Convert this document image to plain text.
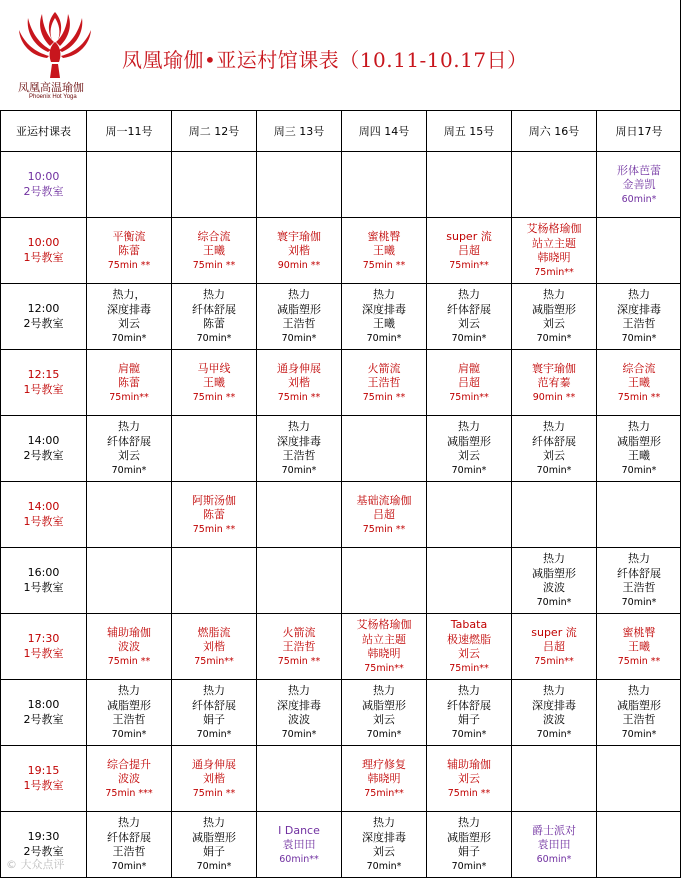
凤凰高温瑜伽
Phoenix Hot Yoga
凤凰瑜伽•亚运村馆课表（10.11-10.17日）
亚运村课表	周一11号	周二 12号	周三 13号	周四 14号	周五 15号	周六 16号	周日17号

10:00
2号教室							形体芭蕾
金善凯
60min*

10:00
1号教室	平衡流
陈蕾
75min **	综合流
王曦
75min **	寰宇瑜伽
刘楷
90min **	蜜桃臀
王曦
75min **	super 流
吕超
75min**	艾杨格瑜伽
站立主题
韩晓明
75min**	

12:00
2号教室	热力，
深度排毒
刘云
70min*	热力
纤体舒展
陈蕾
70min*	热力
减脂塑形
王浩哲
70min*	热力
深度排毒
王曦
70min*	热力
纤体舒展
刘云
70min*	热力
减脂塑形
刘云
70min*	热力
深度排毒
王浩哲
70min*

12:15
1号教室	肩髋
陈蕾
75min**	马甲线
王曦
75min **	通身伸展
刘楷
75min **	火箭流
王浩哲
75min **	肩髋
吕超
75min**	寰宇瑜伽
范宥蓁
90min **	综合流
王曦
75min **

14:00
2号教室	热力
纤体舒展
刘云
70min*		热力
深度排毒
王浩哲
70min*		热力
减脂塑形
刘云
70min*	热力
纤体舒展
刘云
70min*	热力
减脂塑形
王曦
70min*

14:00
1号教室		阿斯汤伽
陈蕾
75min **		基础流瑜伽
吕超
75min **			

16:00
1号教室						热力
减脂塑形
波波
70min*	热力
纤体舒展
王浩哲
70min*

17:30
1号教室	辅助瑜伽
波波
75min **	燃脂流
刘楷
75min**	火箭流
王浩哲
75min **	艾杨格瑜伽
站立主题
韩晓明
75min**	Tabata
极速燃脂
刘云
75min**	super 流
吕超
75min**	蜜桃臀
王曦
75min **

18:00
2号教室	热力
减脂塑形
王浩哲
70min*	热力
纤体舒展
娟子
70min*	热力
深度排毒
波波
70min*	热力
减脂塑形
刘云
70min*	热力
纤体舒展
娟子
70min*	热力
深度排毒
波波
70min*	热力
减脂塑形
王浩哲
70min*

19:15
1号教室	综合提升
波波
75min ***	通身伸展
刘楷
75min **		理疗修复
韩晓明
75min**	辅助瑜伽
刘云
75min **		

19:30
2号教室	热力
纤体舒展
王浩哲
70min*	热力
减脂塑形
娟子
70min*	I Dance
袁田田
60min**	热力
深度排毒
刘云
70min*	热力
减脂塑形
娟子
70min*	爵士派对
袁田田
60min*	

© 大众点评
